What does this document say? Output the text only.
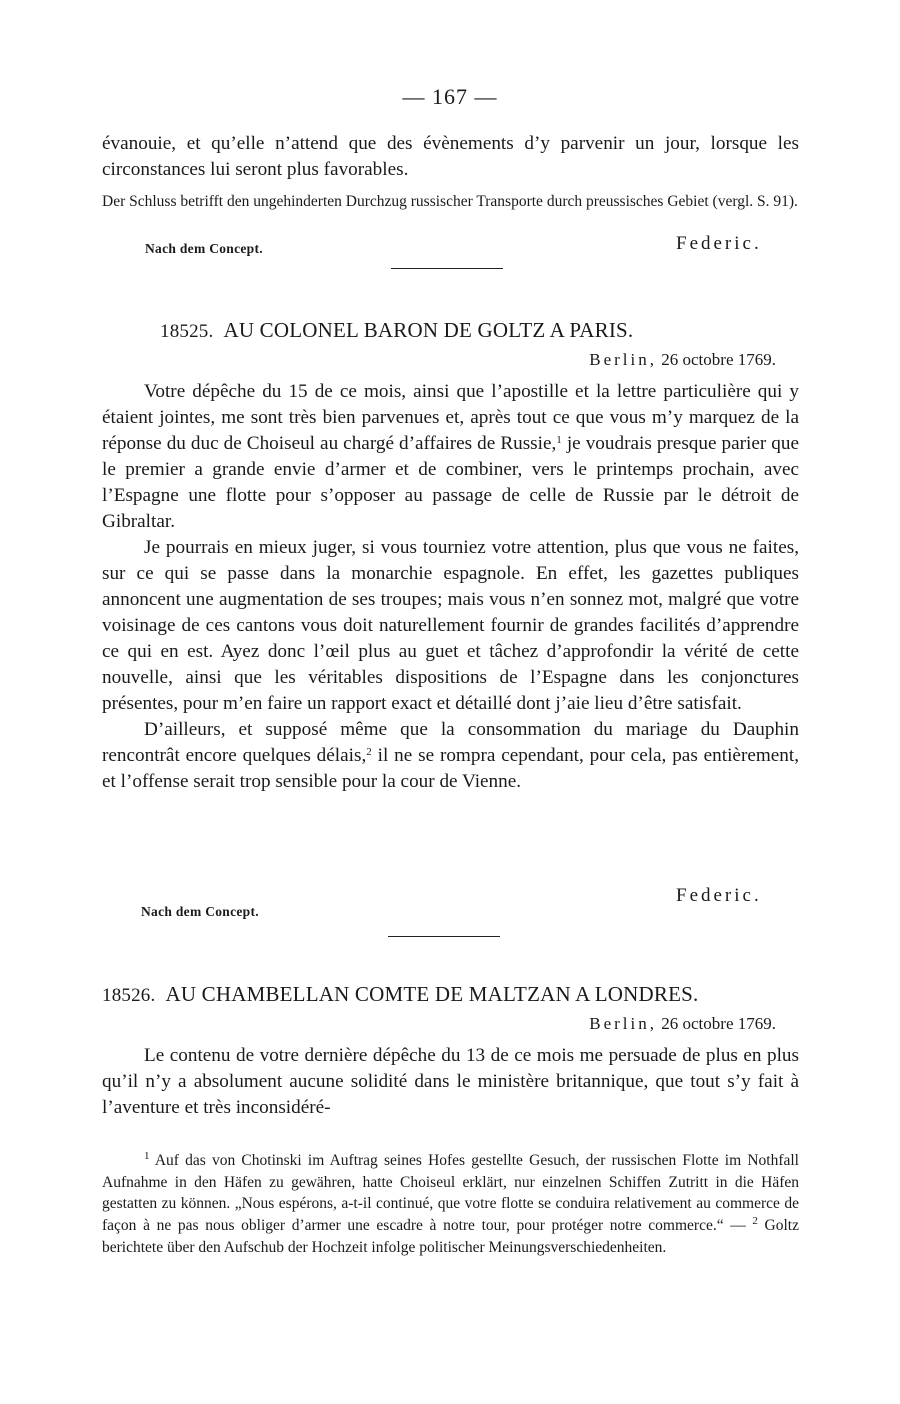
— 167 —

évanouie, et qu’elle n’attend que des évènements d’y parvenir un jour, lorsque les circonstances lui seront plus favorables.

Der Schluss betrifft den ungehinderten Durchzug russischer Transporte durch preussisches Gebiet (vergl. S. 91).

Nach dem Concept.	Federic.
18525. AU COLONEL BARON DE GOLTZ A PARIS.
Berlin, 26 octobre 1769.

Votre dépêche du 15 de ce mois, ainsi que l’apostille et la lettre particulière qui y étaient jointes, me sont très bien parvenues et, après tout ce que vous m’y marquez de la réponse du duc de Choiseul au chargé d’affaires de Russie,$^1$ je voudrais presque parier que le premier a grande envie d’armer et de combiner, vers le printemps prochain, avec l’Espagne une flotte pour s’opposer au passage de celle de Russie par le détroit de Gibraltar.

Je pourrais en mieux juger, si vous tourniez votre attention, plus que vous ne faites, sur ce qui se passe dans la monarchie espagnole. En effet, les gazettes publiques annoncent une augmentation de ses troupes; mais vous n’en sonnez mot, malgré que votre voisinage de ces cantons vous doit naturellement fournir de grandes facilités d’apprendre ce qui en est. Ayez donc l’œil plus au guet et tâchez d’approfondir la vérité de cette nouvelle, ainsi que les véritables dispositions de l’Espagne dans les conjonctures présentes, pour m’en faire un rapport exact et détaillé dont j’aie lieu d’être satisfait.

D’ailleurs, et supposé même que la consommation du mariage du Dauphin rencontrât encore quelques délais,$^2$ il ne se rompra cependant, pour cela, pas entièrement, et l’offense serait trop sensible pour la cour de Vienne.

Nach dem Concept.
Federic.
18526. AU CHAMBELLAN COMTE DE MALTZAN A LONDRES.
Berlin, 26 octobre 1769.

Le contenu de votre dernière dépêche du 13 de ce mois me persuade de plus en plus qu’il n’y a absolument aucune solidité dans le ministère britannique, que tout s’y fait à l’aventure et très inconsidéré-

$^1$ Auf das von Chotinski im Auftrag seines Hofes gestellte Gesuch, der russischen Flotte im Nothfall Aufnahme in den Häfen zu gewähren, hatte Choiseul erklärt, nur einzelnen Schiffen Zutritt in die Häfen gestatten zu können. „Nous espérons, a-t-il continué, que votre flotte se conduira relativement au commerce de façon à ne pas nous obliger d’armer une escadre à notre tour, pour protéger notre commerce.“ — $^2$ Goltz berichtete über den Aufschub der Hochzeit infolge politischer Meinungsverschiedenheiten.
